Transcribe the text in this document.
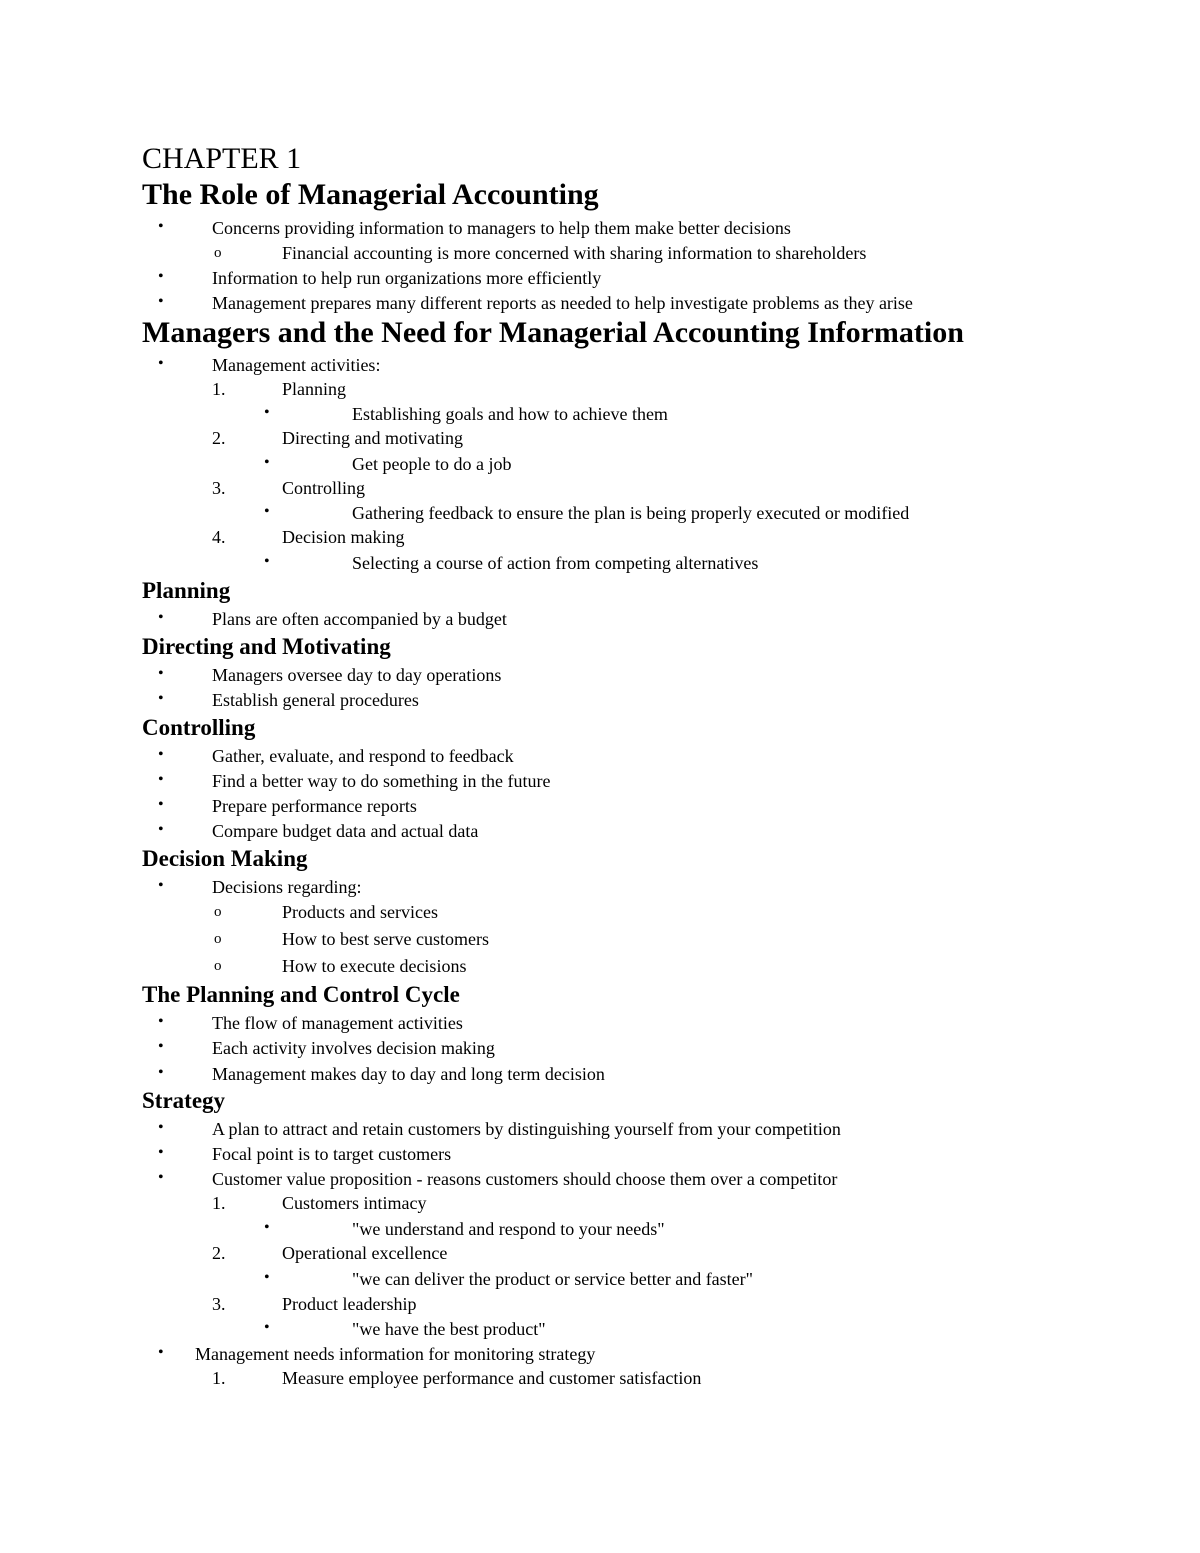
CHAPTER 1
The Role of Managerial Accounting
•	Concerns providing information to managers to help them make better decisions
o	Financial accounting is more concerned with sharing information to shareholders
•	Information to help run organizations more efficiently
•	Management prepares many different reports as needed to help investigate problems as they arise
Managers and the Need for Managerial Accounting Information
•	Management activities:
1.	Planning
•	Establishing goals and how to achieve them
2.	Directing and motivating
•	Get people to do a job
3.	Controlling
•	Gathering feedback to ensure the plan is being properly executed or modified
4.	Decision making
•	Selecting a course of action from competing alternatives
Planning
•	Plans are often accompanied by a budget
Directing and Motivating
•	Managers oversee day to day operations
•	Establish general procedures
Controlling
•	Gather, evaluate, and respond to feedback
•	Find a better way to do something in the future
•	Prepare performance reports
•	Compare budget data and actual data
Decision Making
•	Decisions regarding:
o	Products and services
o	How to best serve customers
o	How to execute decisions
The Planning and Control Cycle
•	The flow of management activities
•	Each activity involves decision making
•	Management makes day to day and long term decision
Strategy
•	A plan to attract and retain customers by distinguishing yourself from your competition
•	Focal point is to target customers
•	Customer value proposition - reasons customers should choose them over a competitor
1.	Customers intimacy
•	"we understand and respond to your needs"
2.	Operational excellence
•	"we can deliver the product or service better and faster"
3.	Product leadership
•	"we have the best product"
• Management needs information for monitoring strategy
1.	Measure employee performance and customer satisfaction
